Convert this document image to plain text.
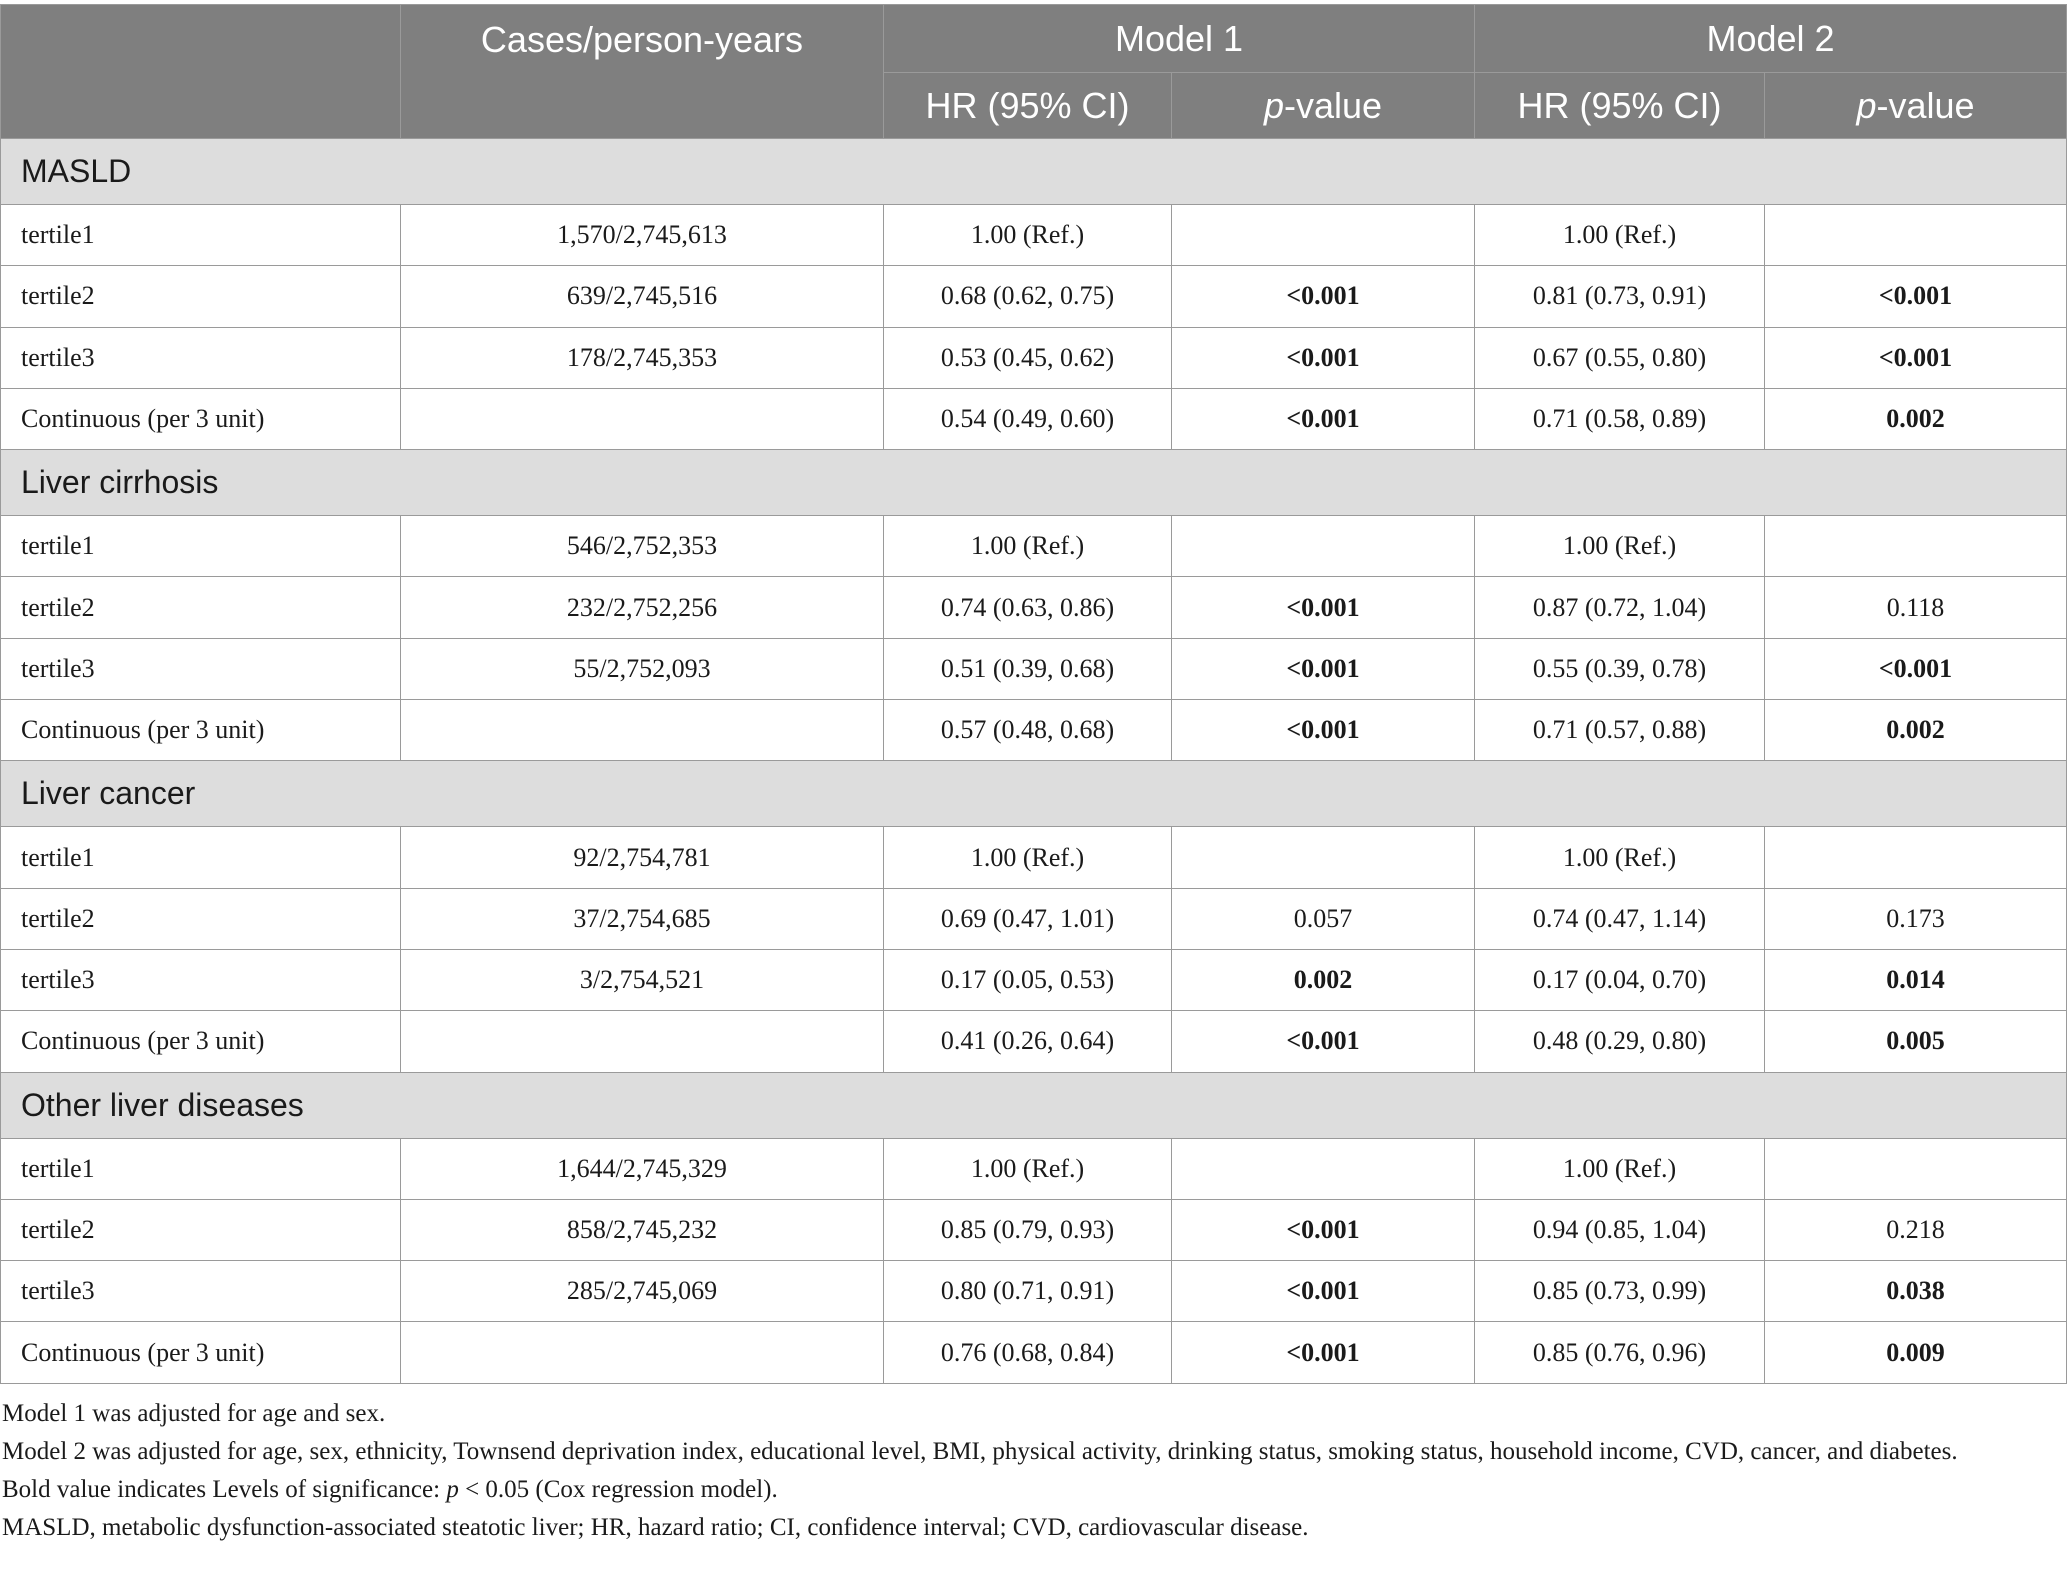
	Cases/person-years	Model 1		Model 2	
		HR (95% CI)	p-value	HR (95% CI)	p-value
MASLD					
tertile1	1,570/2,745,613	1.00 (Ref.)		1.00 (Ref.)	
tertile2	639/2,745,516	0.68 (0.62, 0.75)	<0.001	0.81 (0.73, 0.91)	<0.001
tertile3	178/2,745,353	0.53 (0.45, 0.62)	<0.001	0.67 (0.55, 0.80)	<0.001
Continuous (per 3 unit)		0.54 (0.49, 0.60)	<0.001	0.71 (0.58, 0.89)	0.002
Liver cirrhosis					
tertile1	546/2,752,353	1.00 (Ref.)		1.00 (Ref.)	
tertile2	232/2,752,256	0.74 (0.63, 0.86)	<0.001	0.87 (0.72, 1.04)	0.118
tertile3	55/2,752,093	0.51 (0.39, 0.68)	<0.001	0.55 (0.39, 0.78)	<0.001
Continuous (per 3 unit)		0.57 (0.48, 0.68)	<0.001	0.71 (0.57, 0.88)	0.002
Liver cancer					
tertile1	92/2,754,781	1.00 (Ref.)		1.00 (Ref.)	
tertile2	37/2,754,685	0.69 (0.47, 1.01)	0.057	0.74 (0.47, 1.14)	0.173
tertile3	3/2,754,521	0.17 (0.05, 0.53)	0.002	0.17 (0.04, 0.70)	0.014
Continuous (per 3 unit)		0.41 (0.26, 0.64)	<0.001	0.48 (0.29, 0.80)	0.005
Other liver diseases					
tertile1	1,644/2,745,329	1.00 (Ref.)		1.00 (Ref.)	
tertile2	858/2,745,232	0.85 (0.79, 0.93)	<0.001	0.94 (0.85, 1.04)	0.218
tertile3	285/2,745,069	0.80 (0.71, 0.91)	<0.001	0.85 (0.73, 0.99)	0.038
Continuous (per 3 unit)		0.76 (0.68, 0.84)	<0.001	0.85 (0.76, 0.96)	0.009

Model 1 was adjusted for age and sex.

Model 2 was adjusted for age, sex, ethnicity, Townsend deprivation index, educational level, BMI, physical activity, drinking status, smoking status, household income, CVD, cancer, and diabetes.

Bold value indicates Levels of significance: p < 0.05 (Cox regression model).

MASLD, metabolic dysfunction-associated steatotic liver; HR, hazard ratio; CI, confidence interval; CVD, cardiovascular disease.
